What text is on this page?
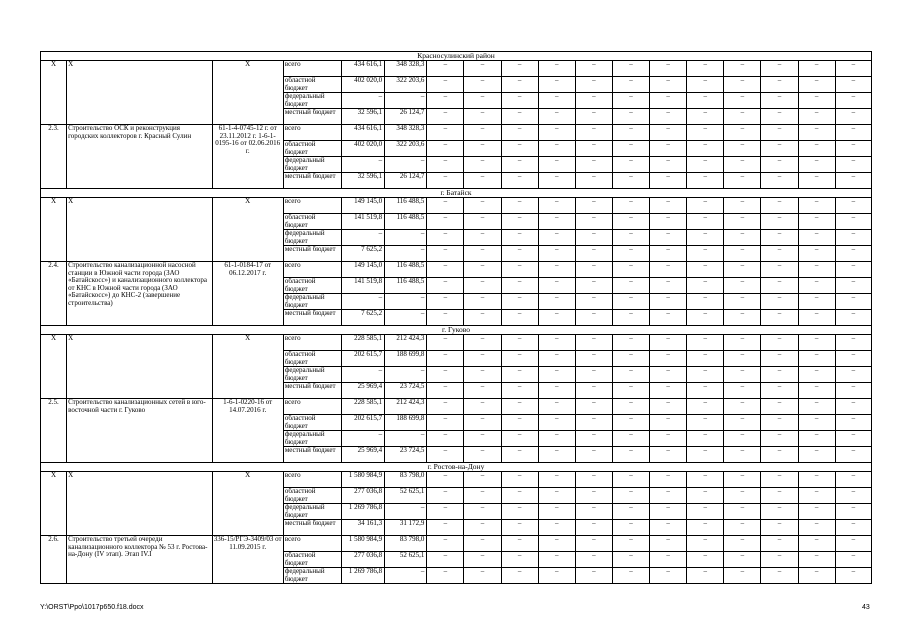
Красносулинский район																	
Х	Х	Х	всего	434 616,1	348 328,3	–	–	–	–	–	–	–	–	–	–	–	–
			областной бюджет	402 020,0	322 203,6	–	–	–	–	–	–	–	–	–	–	–	–
			федеральный бюджет	–	–	–	–	–	–	–	–	–	–	–	–	–	–
			местный бюджет	32 596,1	26 124,7	–	–	–	–	–	–	–	–	–	–	–	–
2.3.	Строительство ОСК и реконструкция городских коллекторов г. Красный Сулин	61-1-4-0745-12 г. от 23.11.2012 г. 1-6-1-0195-16 от 02.06.2016 г.	всего	434 616,1	348 328,3	–	–	–	–	–	–	–	–	–	–	–	–
			областной бюджет	402 020,0	322 203,6	–	–	–	–	–	–	–	–	–	–	–	–
			федеральный бюджет	–	–	–	–	–	–	–	–	–	–	–	–	–	–
			местный бюджет	32 596,1	26 124,7	–	–	–	–	–	–	–	–	–	–	–	–
г. Батайск																	
Х	Х	Х	всего	149 145,0	116 488,5	–	–	–	–	–	–	–	–	–	–	–	–
			областной бюджет	141 519,8	116 488,5	–	–	–	–	–	–	–	–	–	–	–	–
			федеральный бюджет	–	–	–	–	–	–	–	–	–	–	–	–	–	–
			местный бюджет	7 625,2	–	–	–	–	–	–	–	–	–	–	–	–	–
2.4.	Строительство канализационной насосной станции в Южной части города (ЗАО «Батайскосс») и канализационного коллектора от КНС в Южной части города (ЗАО «Батайскосс») до КНС-2 (завершение строительства)	61-1-0184-17 от 06.12.2017 г.	всего	149 145,0	116 488,5	–	–	–	–	–	–	–	–	–	–	–	–
			областной бюджет	141 519,8	116 488,5	–	–	–	–	–	–	–	–	–	–	–	–
			федеральный бюджет	–	–	–	–	–	–	–	–	–	–	–	–	–	–
			местный бюджет	7 625,2	–	–	–	–	–	–	–	–	–	–	–	–	–
г. Гуково																	
Х	Х	Х	всего	228 585,1	212 424,3	–	–	–	–	–	–	–	–	–	–	–	–
			областной бюджет	202 615,7	188 699,8	–	–	–	–	–	–	–	–	–	–	–	–
			федеральный бюджет	–	–	–	–	–	–	–	–	–	–	–	–	–	–
			местный бюджет	25 969,4	23 724,5	–	–	–	–	–	–	–	–	–	–	–	–
2.5.	Строительство канализационных сетей в юго-восточной части г. Гуково	1-6-1-0220-16 от 14.07.2016 г.	всего	228 585,1	212 424,3	–	–	–	–	–	–	–	–	–	–	–	–
			областной бюджет	202 615,7	188 699,8	–	–	–	–	–	–	–	–	–	–	–	–
			федеральный бюджет	–	–	–	–	–	–	–	–	–	–	–	–	–	–
			местный бюджет	25 969,4	23 724,5	–	–	–	–	–	–	–	–	–	–	–	–
г. Ростов-на-Дону																	
Х	Х	Х	всего	1 580 984,9	83 798,0	–	–	–	–	–	–	–	–	–	–	–	–
			областной бюджет	277 036,8	52 625,1	–	–	–	–	–	–	–	–	–	–	–	–
			федеральный бюджет	1 269 786,8	–	–	–	–	–	–	–	–	–	–	–	–	–
			местный бюджет	34 161,3	31 172,9	–	–	–	–	–	–	–	–	–	–	–	–
2.6.	Строительство третьей очереди канализационного коллектора № 53 г. Ростова-на-Дону (IV этап). Этап IV.I	336-15/РГЭ-3409/03 от 11.09.2015 г.	всего	1 580 984,9	83 798,0	–	–	–	–	–	–	–	–	–	–	–	–
			областной бюджет	277 036,8	52 625,1	–	–	–	–	–	–	–	–	–	–	–	–
			федеральный бюджет	1 269 786,8	–	–	–	–	–	–	–	–	–	–	–	–	–
Y:\ORST\Ppo\1017p650.f18.docx	43
